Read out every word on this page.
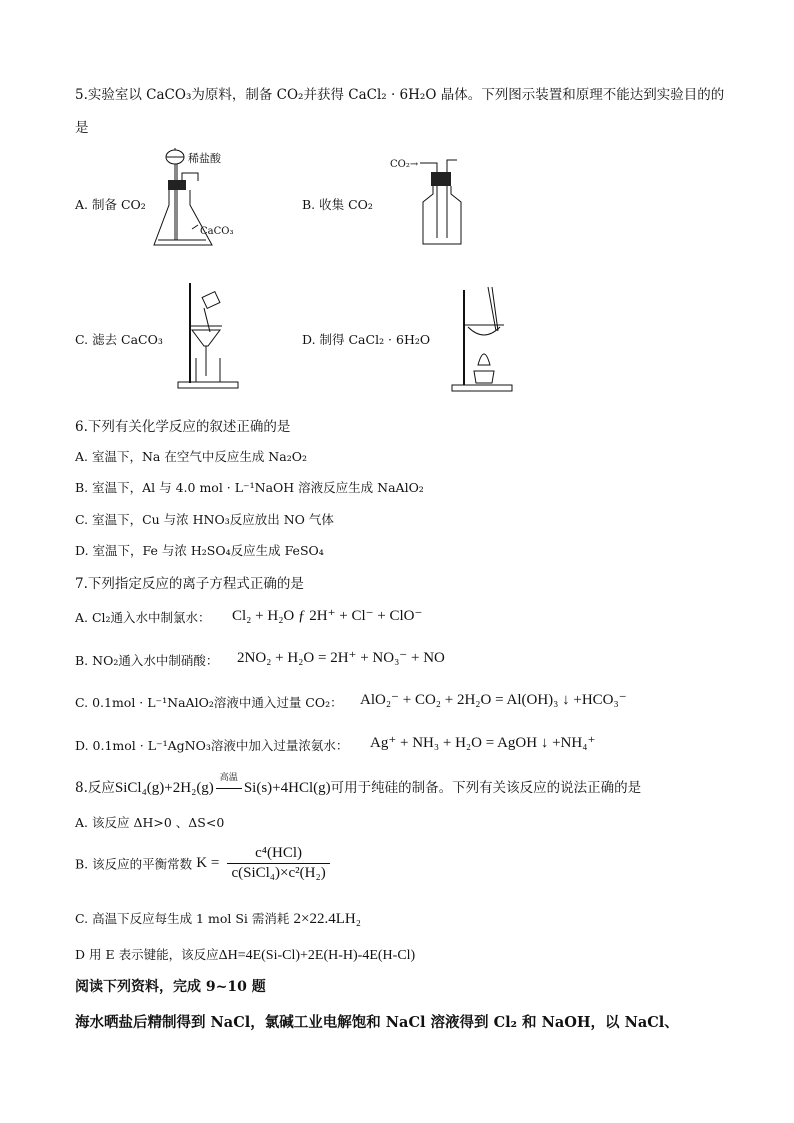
5.实验室以 CaCO₃为原料，制备 CO₂并获得 CaCl₂ · 6H₂O 晶体。下列图示装置和原理不能达到实验目的的
是
稀盐酸
CaCO₃
A. 制备 CO₂
CO₂→
B. 收集 CO₂
C. 滤去 CaCO₃	D. 制得 CaCl₂ · 6H₂O
6.下列有关化学反应的叙述正确的是
A. 室温下，Na 在空气中反应生成 Na₂O₂
B. 室温下，Al 与 4.0 mol · L⁻¹NaOH 溶液反应生成 NaAlO₂
C. 室温下，Cu 与浓 HNO₃反应放出 NO 气体
D. 室温下，Fe 与浓 H₂SO₄反应生成 FeSO₄
7.下列指定反应的离子方程式正确的是
A. Cl₂通入水中制氯水： Cl₂ + H₂O ƒ 2H⁺ + Cl⁻ + ClO⁻
B. NO₂通入水中制硝酸： 2NO₂ + H₂O = 2H⁺ + NO₃⁻ + NO
C. 0.1mol · L⁻¹NaAlO₂溶液中通入过量 CO₂： AlO₂⁻ + CO₂ + 2H₂O = Al(OH)₃ ↓ +HCO₃⁻
D. 0.1mol · L⁻¹AgNO₃溶液中加入过量浓氨水： Ag⁺ + NH₃ + H₂O = AgOH ↓ +NH₄⁺
8.反应SiCl₄(g)+2H₂(g)
高温
Si(s)+4HCl(g)可用于纯硅的制备。下列有关该反应的说法正确的是
A. 该反应 ΔH>0 、ΔS<0
B. 该反应的平衡常数 $K = \frac{\text{c⁴(HCl)}}{\text{c(SiCl₄)×c²(H₂)}}$
C. 高温下反应每生成 1 mol Si 需消耗 2×22.4LH₂
D 用 E 表示键能，该反应ΔH=4E(Si-Cl)+2E(H-H)-4E(H-Cl)
阅读下列资料，完成 9~10 题
海水晒盐后精制得到 NaCl，氯碱工业电解饱和 NaCl 溶液得到 Cl₂ 和 NaOH，以 NaCl、
